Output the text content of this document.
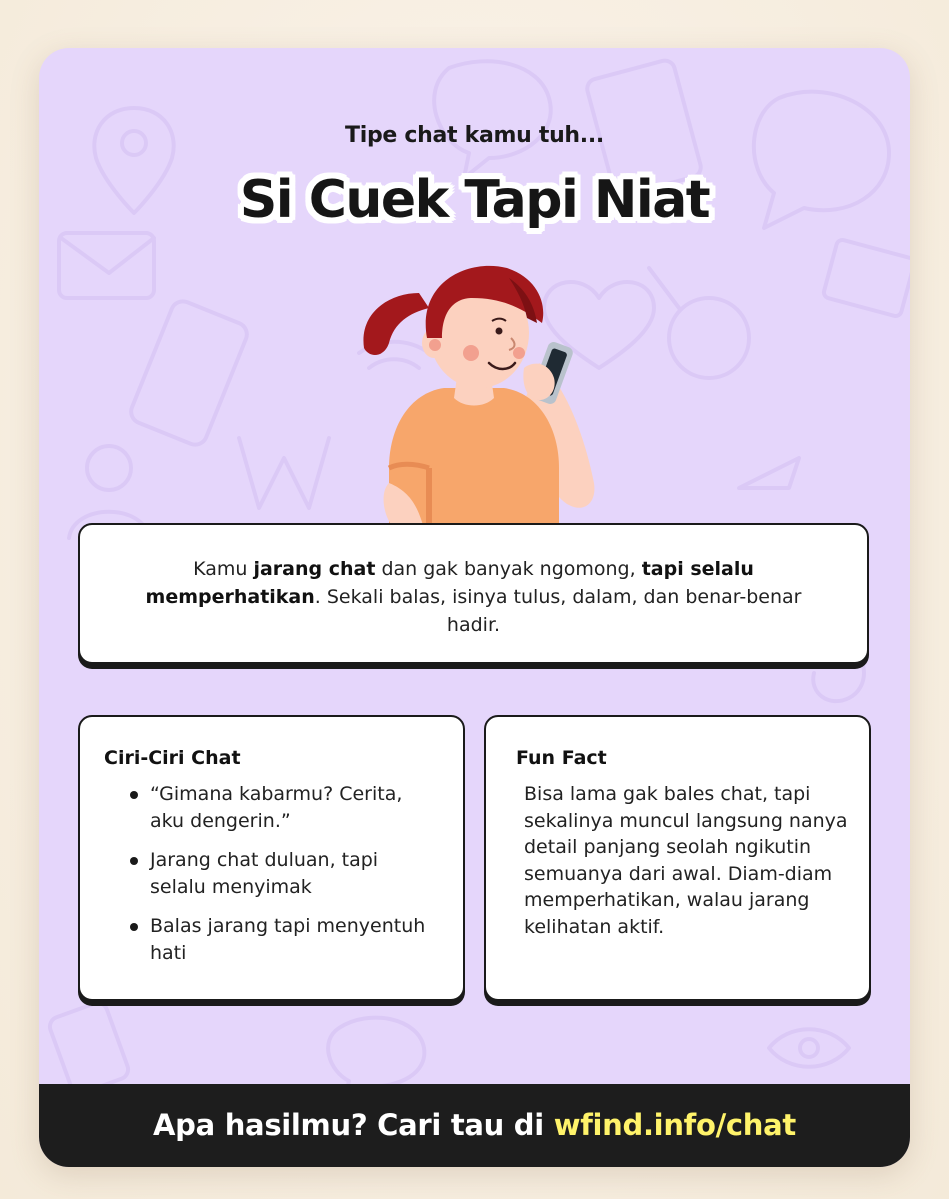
Tipe chat kamu tuh...
Si Cuek Tapi Niat
Kamu jarang chat dan gak banyak ngomong, tapi selalu memperhatikan. Sekali balas, isinya tulus, dalam, dan benar-benar hadir.
Ciri-Ciri Chat
“Gimana kabarmu? Cerita, aku dengerin.”
Jarang chat duluan, tapi selalu menyimak
Balas jarang tapi menyentuh hati
Fun Fact
Bisa lama gak bales chat, tapi sekalinya muncul langsung nanya detail panjang seolah ngikutin semuanya dari awal. Diam-diam memperhatikan, walau jarang kelihatan aktif.
Apa hasilmu? Cari tau di wfind.info/chat
